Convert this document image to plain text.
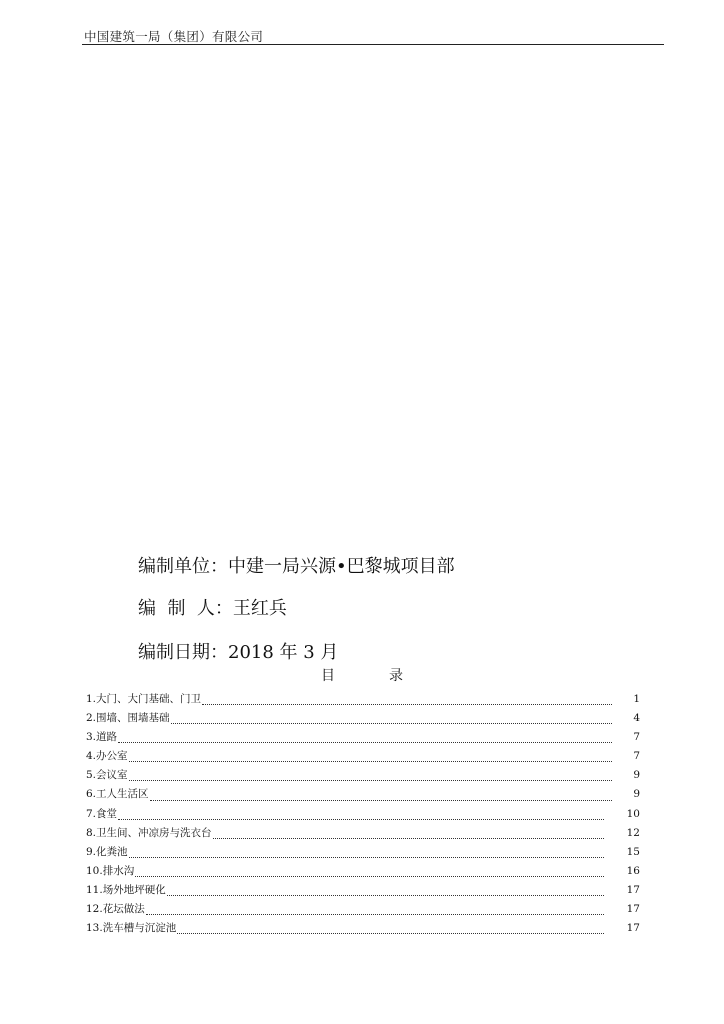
中国建筑一局（集团）有限公司
编制单位：中建一局兴源•巴黎城项目部
编  制  人：王红兵
编制日期：2018 年 3 月
目	录
1.大门、大门基础、门卫	1
2.围墙、围墙基础	4
3.道路	7
4.办公室	7
5.会议室	9
6.工人生活区	9
7.食堂	10
8.卫生间、冲凉房与洗衣台	12
9.化粪池	15
10.排水沟	16
11.场外地坪硬化	17
12.花坛做法	17
13.洗车槽与沉淀池	17
